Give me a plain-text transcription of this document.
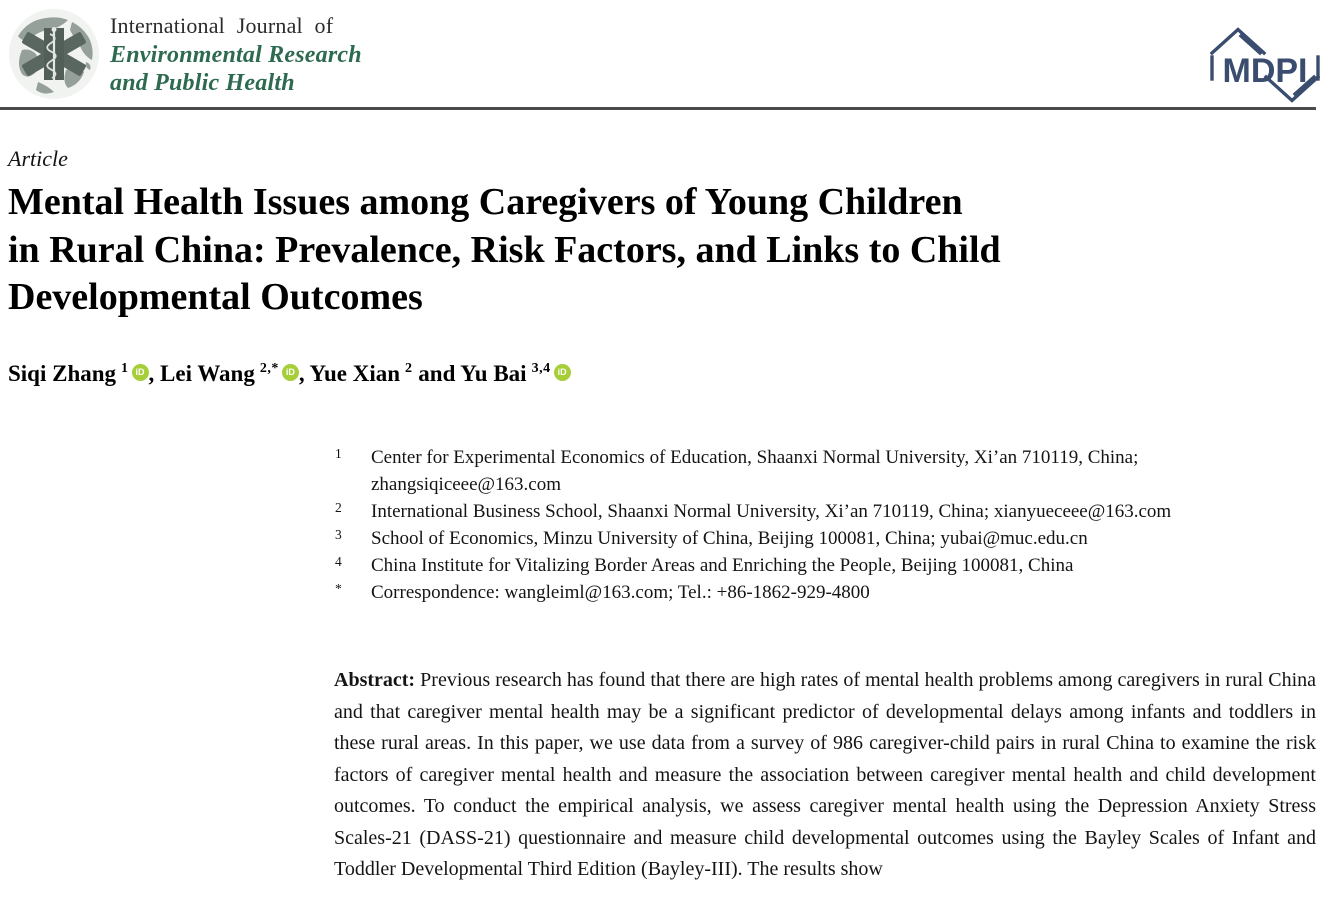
International Journal of
Environmental Research
and Public Health	MDPI
Article
Mental Health Issues among Caregivers of Young Children
in Rural China: Prevalence, Risk Factors, and Links to Child
Developmental Outcomes
Siqi Zhang $^1$ iD , Lei Wang $^{2,*}$ iD , Yue Xian $^2$ and Yu Bai $^{3,4}$ iD
1	Center for Experimental Economics of Education, Shaanxi Normal University, Xi’an 710119, China; zhangsiqiceee@163.com
2	International Business School, Shaanxi Normal University, Xi’an 710119, China; xianyueceee@163.com
3	School of Economics, Minzu University of China, Beijing 100081, China; yubai@muc.edu.cn
4	China Institute for Vitalizing Border Areas and Enriching the People, Beijing 100081, China
*	Correspondence: wangleiml@163.com; Tel.: +86-1862-929-4800

Abstract: Previous research has found that there are high rates of mental health problems among caregivers in rural China and that caregiver mental health may be a significant predictor of developmental delays among infants and toddlers in these rural areas. In this paper, we use data from a survey of 986 caregiver-child pairs in rural China to examine the risk factors of caregiver mental health and measure the association between caregiver mental health and child development outcomes. To conduct the empirical analysis, we assess caregiver mental health using the Depression Anxiety Stress Scales-21 (DASS-21) questionnaire and measure child developmental outcomes using the Bayley Scales of Infant and Toddler Developmental Third Edition (Bayley-III). The results show
